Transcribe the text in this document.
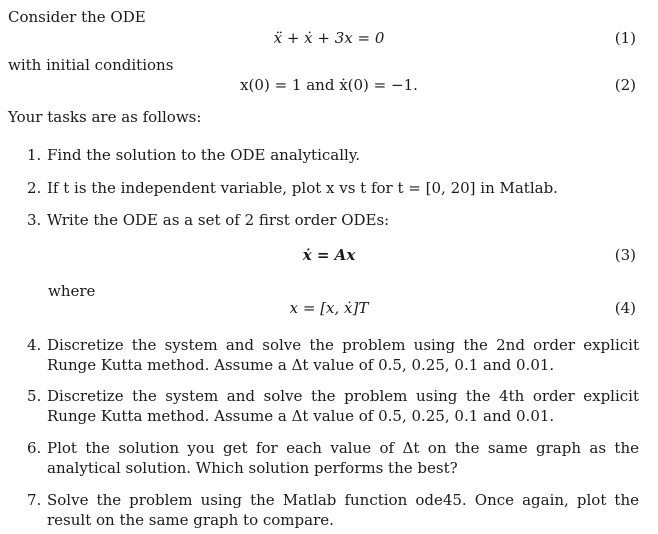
Consider the ODE
ẍ + ẋ + 3x = 0	(1)
with initial conditions
x(0) = 1 and ẋ(0) = −1.	(2)
Your tasks are as follows:
1. Find the solution to the ODE analytically.
2. If t is the independent variable, plot x vs t for t = [0, 20] in Matlab.
3. Write the ODE as a set of 2 first order ODEs:
ẋ = Ax	(3)
where
x = [x, ẋ]T	(4)
4. Discretize the system and solve the problem using the 2nd order explicit Runge Kutta method. Assume a Δt value of 0.5, 0.25, 0.1 and 0.01.
5. Discretize the system and solve the problem using the 4th order explicit Runge Kutta method. Assume a Δt value of 0.5, 0.25, 0.1 and 0.01.
6. Plot the solution you get for each value of Δt on the same graph as the analytical solution. Which solution performs the best?
7. Solve the problem using the Matlab function ode45. Once again, plot the result on the same graph to compare.
